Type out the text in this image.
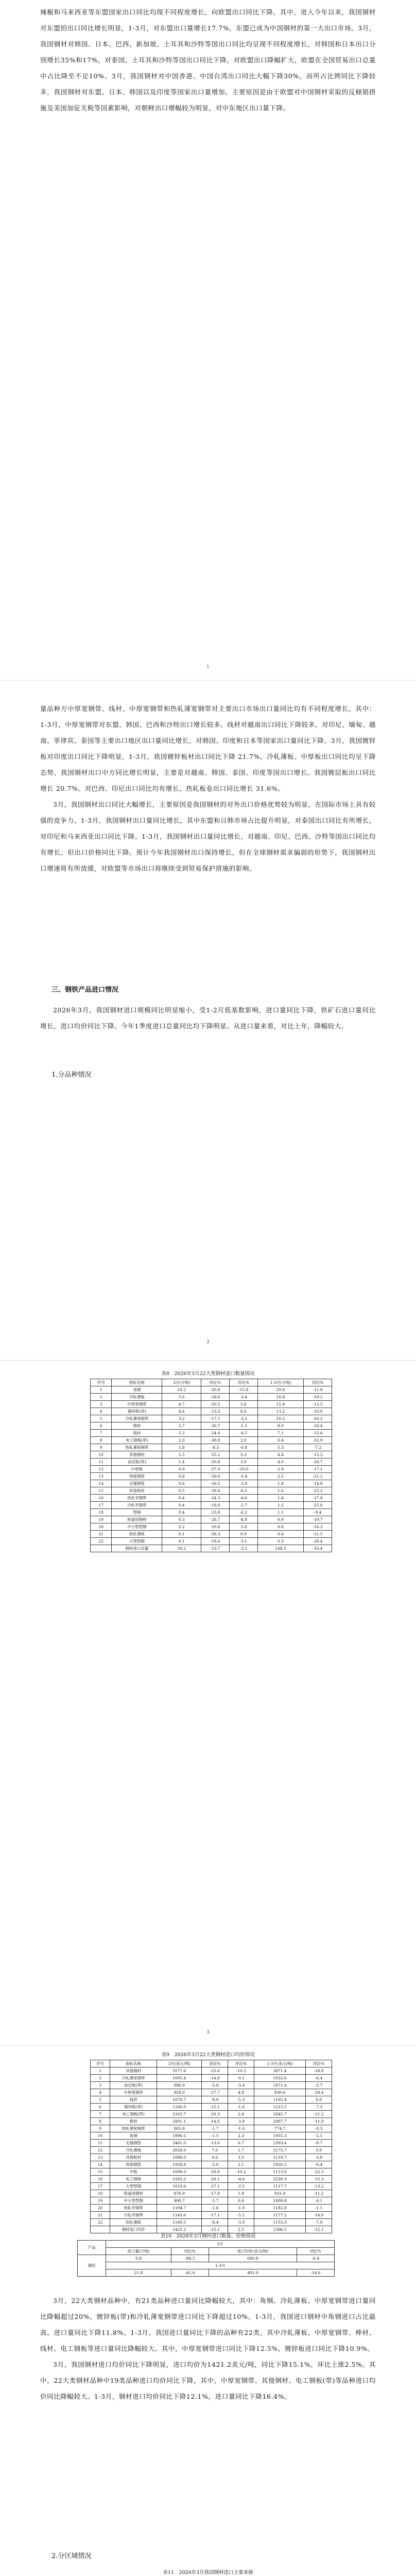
辣椒和马来西亚等东盟国家出口同比均现不同程度增长，向欧盟出口同比下降。其中，进入今年以来，我国钢材对东盟的出口同比增长明显，1-3月，对东盟出口量增长17.7%，东盟已成为中国钢材的第一大出口市场。3月，我国钢材对韩国、日本、巴西、新加坡、土耳其和沙特等国出口同比均呈现不同程度增长，对韩国和日本出口分别增长35%和17%，对泰国、土耳其和沙特等国出口同比下降，对欧盟出口降幅扩大，欧盟在全国贸易出口总量中占比降至不足10%。3月，我国钢材对中国香港、中国台湾出口同比大幅下降30%，而所占比例同比下降较多，我国钢材对东盟、日本、韩国以及印度等国家出口量增加。主要原因是由于欧盟对中国钢材采取的反倾销措施及美国加征关税等因素影响，对朝鲜出口增幅较为明显，对中东地区出口量下降。

1

量品种方中厚宽钢带、线材、中厚宽钢带和热轧薄宽钢带对主要出口市场出口量同比均有不同程度增长，其中：1-3月，中厚宽钢带对东盟、韩国、巴西和沙特出口增长较多。线材对越南出口同比下降较多，对印尼、缅甸、越南、菲律宾、泰国等主要出口地区出口量同比增长，对韩国、印度和日本等国家出口量同比下降。3月，我国镀锌板对印度出口同比下降明显，1-3月，我国镀锌板材出口同比下降 21.7%，冷轧薄板、中厚板出口同比均呈下降态势，我国钢材出口中方同比增长明显，主要是对越南、韩国、泰国、印度等国出口增长。我国镀层板出口同比增长 20.7%。对巴西、印尼出口同比均有增长，热轧板卷出口同比增长 31.6%。

3月，我国钢材出口同比大幅增长，主要原因是我国钢材的对外出口价格优势较为明显，在国际市场上具有较强的竞争力。1-3月，我国钢材出口量同比增长，其中东盟和日韩市场占比提升明显，对泰国出口同比有所增长，对印尼和马来西亚出口同比下降。1-3月，我国钢材出口量同比增长，对越南、印尼、巴西、沙特等国出口同比均有增长，但出口价格同比下降。预计今年我国钢材出口保持增长，但在全球钢材需求偏弱的形势下，我国钢材出口增速将有所放缓，对欧盟等市场出口将继续受到贸易保护措施的影响。

三、钢铁产品进口情况

2026年3月，我国钢材进口规模同比明显缩小，受1-2月低基数影响，进口量同比下降，铁矿石进口量同比增长，进口均价同比下降。今年1季度进口总量同比均下降明显。从进口量来看，对比上年，降幅较大。

1.分品种情况
2
表8　2026年3月22大类钢材进口数量情况
序号	指标名称	3月(万吨)	同比%	环比%	1-3月(万吨)	同比%
1	角钢	10.2	-20.8	-15.8	29.8	-11.8
2	冷轧薄板	5.6	-28.6	-3.4	16.8	-19.2
3	中厚宽钢带	4.7	-20.5	5.6	15.4	-12.5
4	镀锌板(带)	4.6	-13.3	8.6	13.2	-10.9
5	冷轧薄宽钢带	3.2	-17.1	-3.2	10.2	-16.2
6	棒材	2.7	-30.7	-1.5	8.0	-18.4
7	线材	2.2	-24.6	-4.5	7.1	-13.6
8	电工钢板(带)	2.0	-38.8	2.0	6.4	-32.9
9	热轧薄宽钢带	1.8	-8.3	-0.8	5.3	-7.2
10	其他钢材	1.5	-25.1	3.3	4.4	-15.2
11	涂层板(带)	1.4	-20.8	3.9	4.0	-26.7
12	中厚板	0.9	-27.9	-10.0	2.9	-17.1
13	焊接钢管	0.8	-29.0	-5.4	2.5	-21.2
14	无缝钢管	0.6	-16.5	-3.9	1.8	-14.8
15	其他板材	0.5	-28.6	-6.5	1.6	-25.2
16	热轧窄钢带	0.4	-24.3	-4.6	1.4	-17.8
17	冷轧窄钢带	0.4	-18.0	-2.7	1.2	-25.8
18	型钢	0.4	-23.8	-6.2	1.1	-9.4
19	铁道用钢材	0.3	-26.7	-4.8	0.9	-19.7
20	中小型型钢	0.2	-10.8	-5.0	0.8	-16.3
21	热轧薄板	0.1	-28.3	0.9	0.4	-21.5
22	大型型钢	0.1	-18.6	-3.1	0.3	-28.4
	钢材进口总量	50.2	-23.7	-3.2	148.3	-16.4
3
表9　2026年3月22大类钢材进口均价情况
序号	指标名称	3月(美元/吨)	同比%	环比%	1-3月(美元/吨)	同比%
1	其他钢材	3577.6	-25.6	-10.2	3871.4	-18.8
2	冷轧薄宽钢带	1005.4	-14.8	-0.1	1032.6	-6.4
3	涂层板(带)	996.9	-5.8	-3.4	1071.4	-2.7
4	中厚宽钢带	858.0	-27.7	4.8	830.6	-29.4
5	线材	1076.7	-8.9	-5.3	1165.4	0.8
6	镀锌板(带)	1206.0	-15.1	-1.6	1215.5	-7.3
7	电工钢板(带)	2163.7	-20.3	2.8	2045.7	-21.2
8	棒材	2001.1	-14.6	-3.9	2007.7	-11.9
9	热轧薄宽钢带	805.9	-1.7	-1.0	774.7	-8.3
10	角钢	1990.5	-1.5	2.3	1955.3	-2.5
11	无缝钢管	2401.0	-13.6	6.7	2393.4	-8.7
12	冷轧薄板	2028.6	7.6	1.7	2175.7	3.9
13	其他板材	1088.0	0.6	3.5	1119.7	-3.0
14	焊接钢管	1958.8	-5.0	2.1	1926.5	-6.4
15	中板	1099.3	-20.8	-10.2	1113.9	-22.3
16	电工钢板	2183.2	-20.1	-4.6	2230.3	-15.3
17	大型型钢	1010.6	-27.1	-2.5	1117.7	-13.2
18	铁道用钢材	876.9	-17.9	1.8	931.9	-11.2
19	中小型型钢	990.7	-1.7	0.4	1009.8	-4.1
20	热轧窄钢带	1194.7	-2.6	-1.0	1182.8	-1.1
21	冷轧窄钢带	1143.6	-17.1	-5.2	1177.2	-14.0
22	热轧薄板	1140.5	-6.4	-3.0	1153.3	-7.9
	钢材进口均价	1421.2	-15.1	2.5	1396.5	-12.1
表10　2026年3月钢坯进口数量、价格情况
产品	3月			
	进口量(万吨)	同比%	进口均价(美元/吨)	同比%
钢坯	0.8	-88.2	680.8	-6.4
	1-3月			
	21.8	-45.0	491.0	-14.6

3月，22大类钢材品种中，有21类品种进口量同比降幅较大，其中：角钢、冷轧薄板、中厚宽钢带进口量同比降幅超过20%，镀锌板(带)和冷轧薄宽钢带进口同比下降超过10%。1-3月，我国进口钢材中角钢进口占比最高，进口量同比下降11.8%。1-3月，我国进口量同比下降的品种有22类，其中冷轧薄板、中厚宽钢带、棒材、线材、电工钢板等进口量同比降幅较大。其中，中厚宽钢带进口同比下降12.5%，镀锌板进口同比下降10.9%。

3月，我国钢材进口均价同比下降明显，进口均价为1421.2美元/吨，同比下降15.1%，环比上涨2.5%。其中，22大类钢材品种中19类品种进口均价同比下降，其中，中厚宽钢带、其他钢材、电工钢板(带)等品种进口均价同比降幅较大。1-3月，钢材进口均价同比下降12.1%，进口量同比下降16.4%。

2.分区域情况
表11　2026年3月我国钢材进口主要来源
